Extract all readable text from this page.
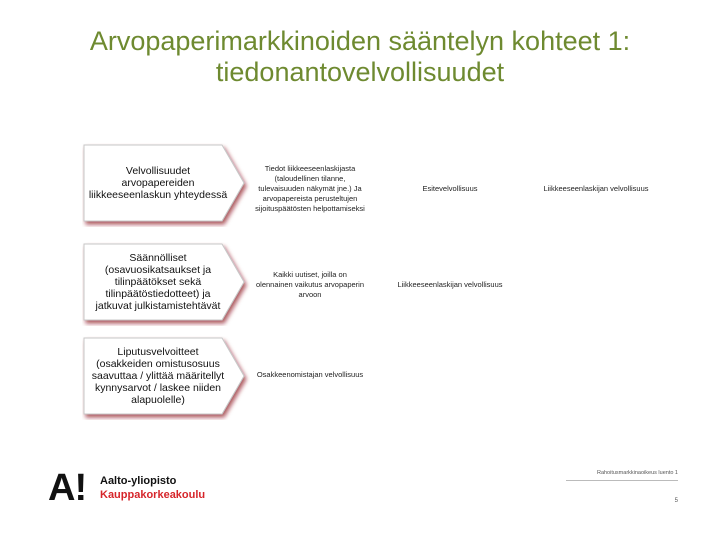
Arvopaperimarkkinoiden sääntelyn kohteet 1:
tiedonantovelvollisuudet
Velvollisuudet arvopapereiden liikkeeseenlaskun yhteydessä
Tiedot liikkeeseenlaskijasta (taloudellinen tilanne, tulevaisuuden näkymät jne.) Ja arvopapereista perusteltujen sijoituspäätösten helpottamiseksi
Esitevelvollisuus	Liikkeeseenlaskijan velvollisuus
Säännölliset (osavuosikatsaukset ja tilinpäätökset sekä tilinpäätöstiedotteet) ja jatkuvat julkistamistehtävät
Kaikki uutiset, joilla on olennainen vaikutus arvopaperin arvoon
Liikkeeseenlaskijan velvollisuus
Liputusvelvoitteet (osakkeiden omistusosuus saavuttaa / ylittää määritellyt kynnysarvot / laskee niiden alapuolelle)
Osakkeenomistajan velvollisuus
A! Aalto-yliopisto
Kauppakorkeakoulu
Rahoitusmarkkinaoikeus luento 1
5
